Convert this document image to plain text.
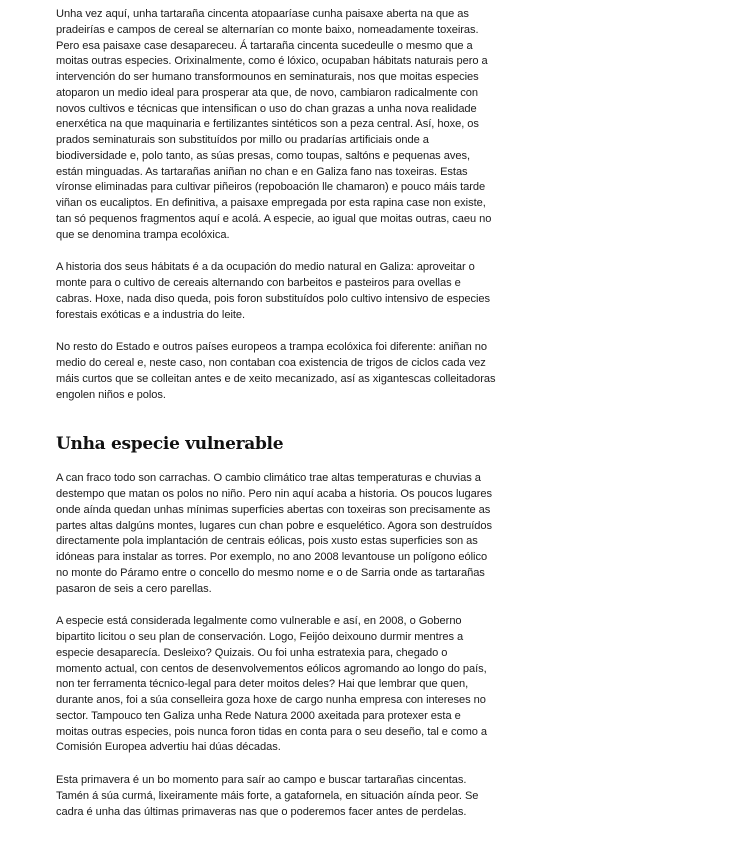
Unha vez aquí, unha tartaraña cincenta atopaaríase cunha paisaxe aberta na que as pradeirías e campos de cereal se alternarían co monte baixo, nomeadamente toxeiras. Pero esa paisaxe case desapareceu. Á tartaraña cincenta sucedeulle o mesmo que a moitas outras especies. Orixinalmente, como é lóxico, ocupaban hábitats naturais pero a intervención do ser humano transformounos en seminaturais, nos que moitas especies atoparon un medio ideal para prosperar ata que, de novo, cambiaron radicalmente con novos cultivos e técnicas que intensifican o uso do chan grazas a unha nova realidade enerxética na que maquinaria e fertilizantes sintéticos son a peza central. Así, hoxe, os prados seminaturais son substituídos por millo ou pradarías artificiais onde a biodiversidade e, polo tanto, as súas presas, como toupas, saltóns e pequenas aves, están minguadas. As tartarañas aniñan no chan e en Galiza fano nas toxeiras. Estas víronse eliminadas para cultivar piñeiros (repoboación lle chamaron) e pouco máis tarde viñan os eucaliptos. En definitiva, a paisaxe empregada por esta rapina case non existe, tan só pequenos fragmentos aquí e acolá. A especie, ao igual que moitas outras, caeu no que se denomina trampa ecolóxica.

A historia dos seus hábitats é a da ocupación do medio natural en Galiza: aproveitar o monte para o cultivo de cereais alternando con barbeitos e pasteiros para ovellas e cabras. Hoxe, nada diso queda, pois foron substituídos polo cultivo intensivo de especies forestais exóticas e a industria do leite.

No resto do Estado e outros países europeos a trampa ecolóxica foi diferente: aniñan no medio do cereal e, neste caso, non contaban coa existencia de trigos de ciclos cada vez máis curtos que se colleitan antes e de xeito mecanizado, así as xigantescas colleitadoras engolen niños e polos.

Unha especie vulnerable

A can fraco todo son carrachas. O cambio climático trae altas temperaturas e chuvias a destempo que matan os polos no niño. Pero nin aquí acaba a historia. Os poucos lugares onde aínda quedan unhas mínimas superficies abertas con toxeiras son precisamente as partes altas dalgúns montes, lugares cun chan pobre e esquelético. Agora son destruídos directamente pola implantación de centrais eólicas, pois xusto estas superficies son as idóneas para instalar as torres. Por exemplo, no ano 2008 levantouse un polígono eólico no monte do Páramo entre o concello do mesmo nome e o de Sarria onde as tartarañas pasaron de seis a cero parellas.

A especie está considerada legalmente como vulnerable e así, en 2008, o Goberno bipartito licitou o seu plan de conservación. Logo, Feijóo deixouno durmir mentres a especie desaparecía. Desleixo? Quizais. Ou foi unha estratexia para, chegado o momento actual, con centos de desenvolvementos eólicos agromando ao longo do país, non ter ferramenta técnico-legal para deter moitos deles? Hai que lembrar que quen, durante anos, foi a súa conselleira goza hoxe de cargo nunha empresa con intereses no sector. Tampouco ten Galiza unha Rede Natura 2000 axeitada para protexer esta e moitas outras especies, pois nunca foron tidas en conta para o seu deseño, tal e como a Comisión Europea advertiu hai dúas décadas.

Esta primavera é un bo momento para saír ao campo e buscar tartarañas cincentas. Tamén á súa curmá, lixeiramente máis forte, a gatafornela, en situación aínda peor. Se cadra é unha das últimas primaveras nas que o poderemos facer antes de perdelas.
